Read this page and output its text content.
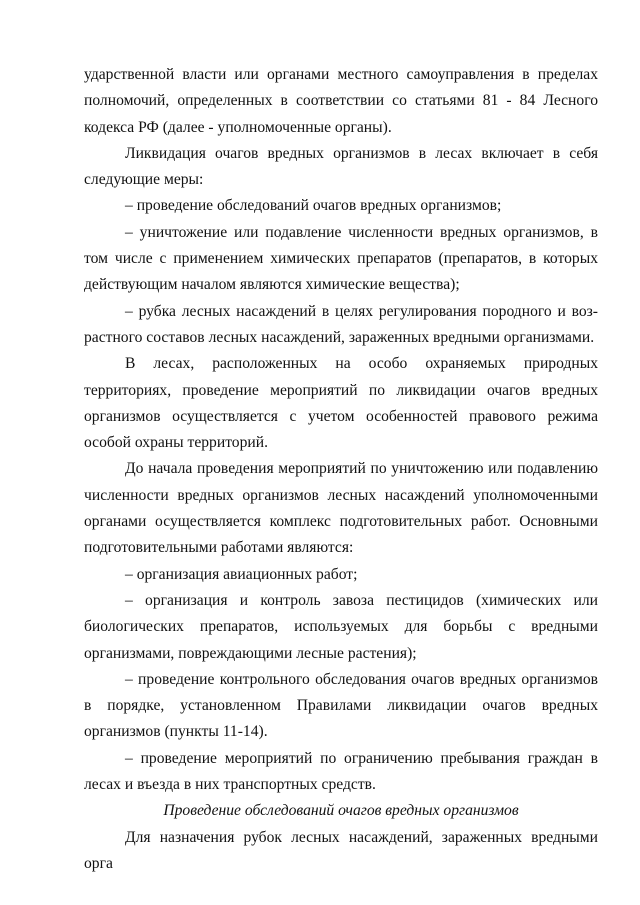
ударственной власти или органами местного самоуправления в пределах полномочий, определенных в соответствии со статьями 81 - 84 Лесного кодекса РФ (далее - уполномоченные органы).

Ликвидация очагов вредных организмов в лесах включает в себя следующие меры:

– проведение обследований очагов вредных организмов;

– уничтожение или подавление численности вредных организмов, в том числе с применением химических препаратов (препаратов, в которых действующим началом являются химические вещества);

– рубка лесных насаждений в целях регулирования породного и возрастного составов лесных насаждений, зараженных вредными организмами.

В лесах, расположенных на особо охраняемых природных территориях, проведение мероприятий по ликвидации очагов вредных организмов осуществляется с учетом особенностей правового режима особой охраны территорий.

До начала проведения мероприятий по уничтожению или подавлению численности вредных организмов лесных насаждений уполномоченными органами осуществляется комплекс подготовительных работ. Основными подготовительными работами являются:

– организация авиационных работ;

– организация и контроль завоза пестицидов (химических или биологических препаратов, используемых для борьбы с вредными организмами, повреждающими лесные растения);

– проведение контрольного обследования очагов вредных организмов в порядке, установленном Правилами ликвидации очагов вредных организмов (пункты 11-14).

– проведение мероприятий по ограничению пребывания граждан в лесах и въезда в них транспортных средств.

Проведение обследований очагов вредных организмов

Для назначения рубок лесных насаждений, зараженных вредными орга
